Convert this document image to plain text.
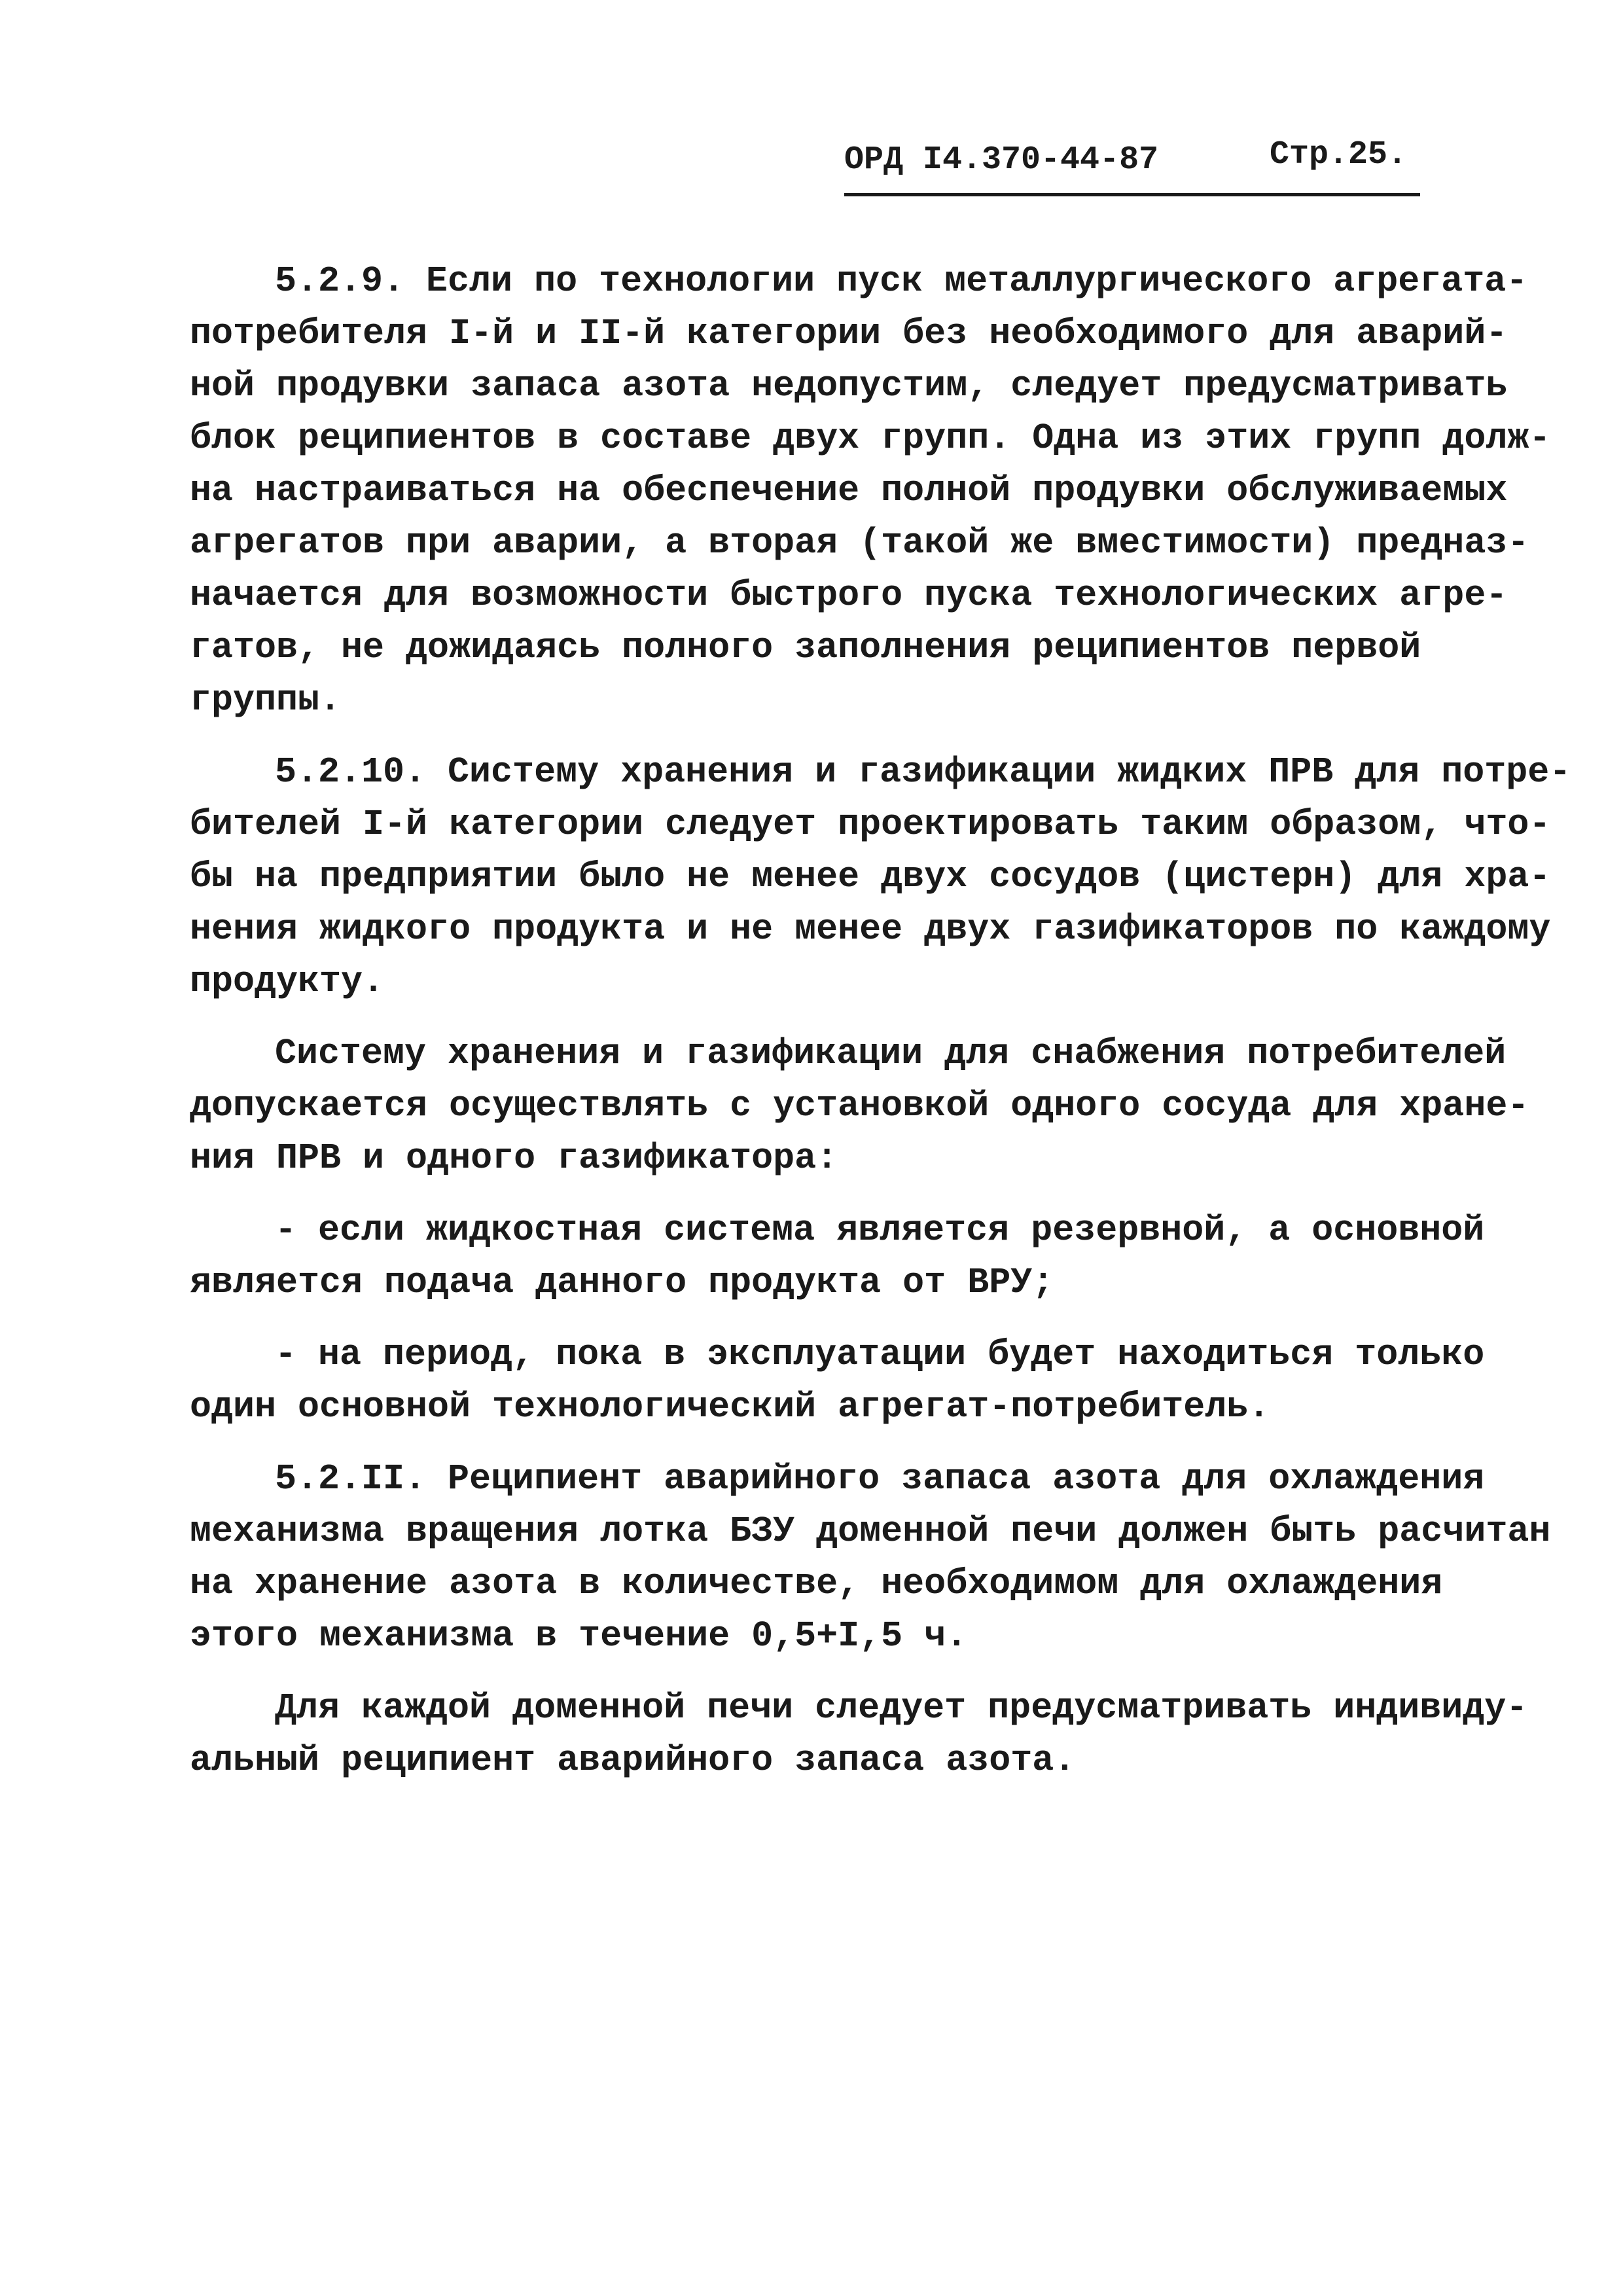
ОРД I4.370-44-87	Стр.25.
5.2.9. Если по технологии пуск металлургического агрегата-
потребителя I-й и II-й категории без необходимого для аварий-
ной продувки запаса азота недопустим, следует предусматривать
блок реципиентов в составе двух групп. Одна из этих групп долж-
на настраиваться на обеспечение полной продувки обслуживаемых
агрегатов при аварии, а вторая (такой же вместимости) предназ-
начается для возможности быстрого пуска технологических агре-
гатов, не дожидаясь полного заполнения реципиентов первой
группы.
5.2.10. Систему хранения и газификации жидких ПРВ для потре-
бителей I-й категории следует проектировать таким образом, что-
бы на предприятии было не менее двух сосудов (цистерн) для хра-
нения жидкого продукта и не менее двух газификаторов по каждому
продукту.
Систему хранения и газификации для снабжения потребителей
допускается осуществлять с установкой одного сосуда для хране-
ния ПРВ и одного газификатора:
- если жидкостная система является резервной, а основной
является подача данного продукта от ВРУ;
- на период, пока в эксплуатации будет находиться только
один основной технологический агрегат-потребитель.
5.2.II. Реципиент аварийного запаса азота для охлаждения
механизма вращения лотка БЗУ доменной печи должен быть расчитан
на хранение азота в количестве, необходимом для охлаждения
этого механизма в течение 0,5+I,5 ч.
Для каждой доменной печи следует предусматривать индивиду-
альный реципиент аварийного запаса азота.
